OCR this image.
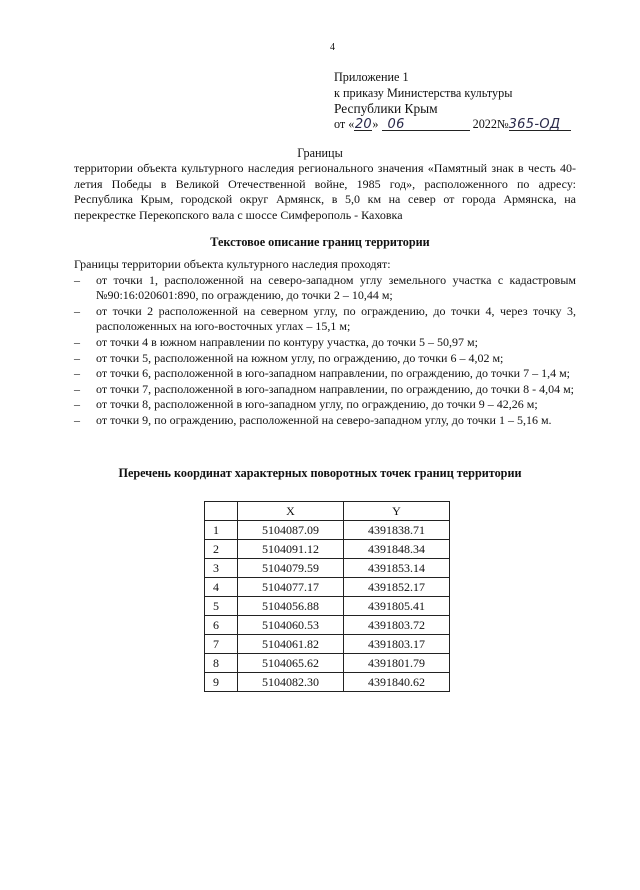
4
Приложение 1
к приказу Министерства культуры
Республики Крым
от «20» 06	2022№365-ОД
Границы
территории объекта культурного наследия регионального значения «Памятный знак в честь 40-летия Победы в Великой Отечественной войне, 1985 год», расположенного по адресу: Республика Крым, городской округ Армянск, в 5,0 км на север от города Армянска, на перекрестке Перекопского вала с шоссе Симферополь - Каховка
Текстовое описание границ территории
Границы территории объекта культурного наследия проходят:
– от точки 1, расположенной на северо-западном углу земельного участка с кадастровым №90:16:020601:890, по ограждению, до точки 2 – 10,44 м;
– от точки 2 расположенной на северном углу, по ограждению, до точки 4, через точку 3, расположенных на юго-восточных углах – 15,1 м;
– от точки 4 в южном направлении по контуру участка, до точки 5 – 50,97 м;
– от точки 5, расположенной на южном углу, по ограждению, до точки 6 – 4,02 м;
– от точки 6, расположенной в юго-западном направлении, по ограждению, до точки 7 – 1,4 м;
– от точки 7, расположенной в юго-западном направлении, по ограждению, до точки 8 - 4,04 м;
– от точки 8, расположенной в юго-западном углу, по ограждению, до точки 9 – 42,26 м;
– от точки 9, по ограждению, расположенной на северо-западном углу, до точки 1 – 5,16 м.
Перечень координат характерных поворотных точек границ территории
	X	Y
1	5104087.09	4391838.71
2	5104091.12	4391848.34
3	5104079.59	4391853.14
4	5104077.17	4391852.17
5	5104056.88	4391805.41
6	5104060.53	4391803.72
7	5104061.82	4391803.17
8	5104065.62	4391801.79
9	5104082.30	4391840.62
